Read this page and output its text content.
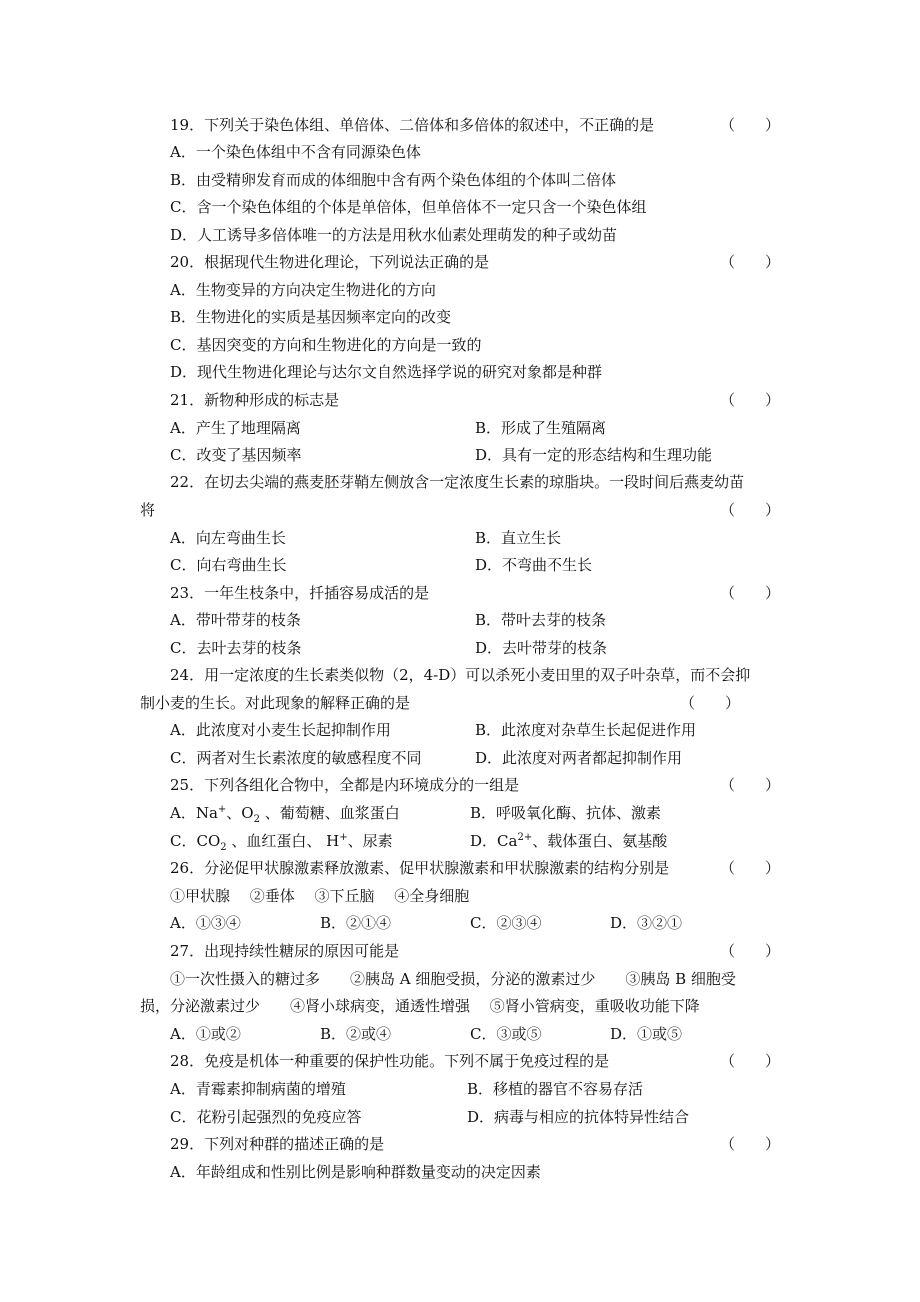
19．下列关于染色体组、单倍体、二倍体和多倍体的叙述中，不正确的是	（　　）
A．一个染色体组中不含有同源染色体
B．由受精卵发育而成的体细胞中含有两个染色体组的个体叫二倍体
C．含一个染色体组的个体是单倍体，但单倍体不一定只含一个染色体组
D．人工诱导多倍体唯一的方法是用秋水仙素处理萌发的种子或幼苗
20．根据现代生物进化理论，下列说法正确的是	（　　）
A．生物变异的方向决定生物进化的方向
B．生物进化的实质是基因频率定向的改变
C．基因突变的方向和生物进化的方向是一致的
D．现代生物进化理论与达尔文自然选择学说的研究对象都是种群
21．新物种形成的标志是	（　　）
A．产生了地理隔离	B．形成了生殖隔离
C．改变了基因频率	D．具有一定的形态结构和生理功能
22．在切去尖端的燕麦胚芽鞘左侧放含一定浓度生长素的琼脂块。一段时间后燕麦幼苗
将	（　　）
A．向左弯曲生长	B．直立生长
C．向右弯曲生长	D．不弯曲不生长
23．一年生枝条中，扦插容易成活的是	（　　）
A．带叶带芽的枝条	B．带叶去芽的枝条
C．去叶去芽的枝条	D．去叶带芽的枝条
24．用一定浓度的生长素类似物（2，4-D）可以杀死小麦田里的双子叶杂草，而不会抑
制小麦的生长。对此现象的解释正确的是	（　　）
A．此浓度对小麦生长起抑制作用	B．此浓度对杂草生长起促进作用
C．两者对生长素浓度的敏感程度不同	D．此浓度对两者都起抑制作用
25．下列各组化合物中，全都是内环境成分的一组是	（　　）
A．Na+、$O_2$ 、葡萄糖、血浆蛋白	B．呼吸氧化酶、抗体、激素
C．$CO_2$ 、血红蛋白、 H+、尿素	D．$Ca^{2+}$、载体蛋白、氨基酸
26．分泌促甲状腺激素释放激素、促甲状腺激素和甲状腺激素的结构分别是	（　　）
①甲状腺　 ②垂体　 ③下丘脑　 ④全身细胞
A．①③④	B．②①④	C．②③④	D．③②①
27．出现持续性糖尿的原因可能是	（　　）
①一次性摄入的糖过多　　②胰岛 A 细胞受损，分泌的激素过少　　③胰岛 B 细胞受
损，分泌激素过少　　④肾小球病变，通透性增强　 ⑤肾小管病变，重吸收功能下降
A．①或②	B．②或④	C．③或⑤	D．①或⑤
28．免疫是机体一种重要的保护性功能。下列不属于免疫过程的是	（　　）
A．青霉素抑制病菌的增殖	B．移植的器官不容易存活
C．花粉引起强烈的免疫应答	D．病毒与相应的抗体特异性结合
29．下列对种群的描述正确的是	（　　）
A．年龄组成和性别比例是影响种群数量变动的决定因素
